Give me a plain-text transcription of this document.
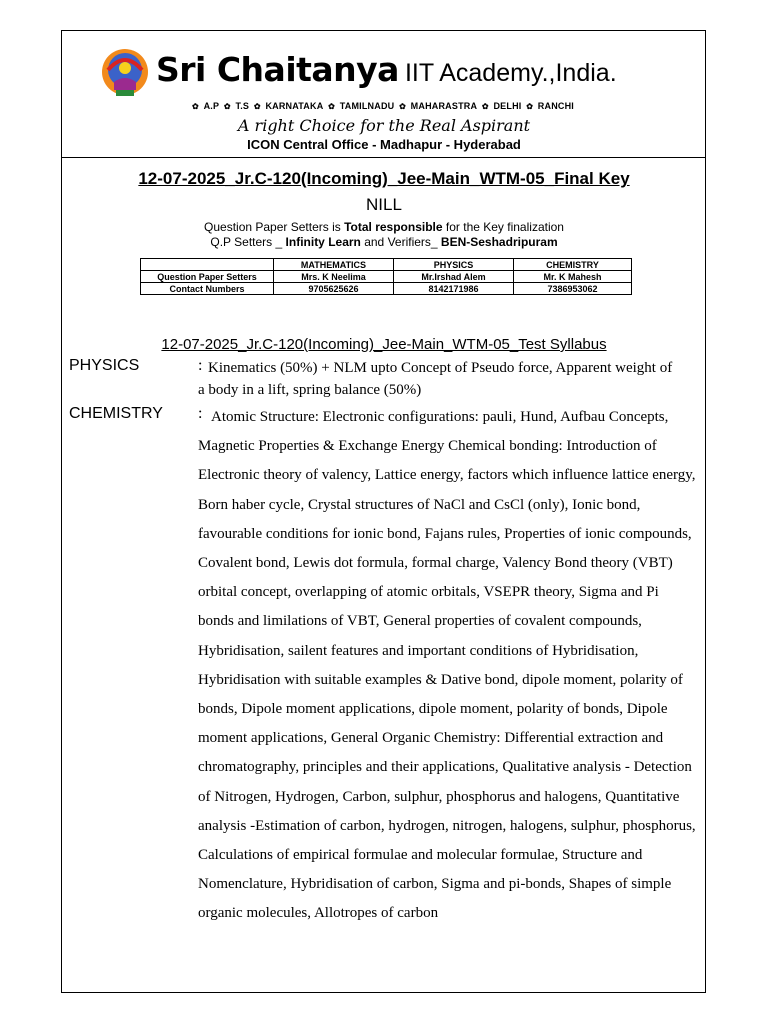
Sri Chaitanya IIT Academy.,India.
✿ A.P ✿ T.S ✿ KARNATAKA ✿ TAMILNADU ✿ MAHARASTRA ✿ DELHI ✿ RANCHI
A right Choice for the Real Aspirant
ICON Central Office - Madhapur - Hyderabad
12-07-2025_Jr.C-120(Incoming)_Jee-Main_WTM-05_Final Key
NILL
Question Paper Setters is Total responsible for the Key finalization
Q.P Setters _ Infinity Learn and Verifiers_ BEN-Seshadripuram
	MATHEMATICS	PHYSICS	CHEMISTRY
Question Paper Setters	Mrs. K Neelima	Mr.Irshad Alem	Mr. K Mahesh
Contact Numbers	9705625626	8142171986	7386953062
12-07-2025_Jr.C-120(Incoming)_Jee-Main_WTM-05_Test Syllabus
PHYSICS	: Kinematics (50%) + NLM upto Concept of Pseudo force, Apparent weight of a body in a lift, spring balance (50%)
CHEMISTRY : Atomic Structure: Electronic configurations: pauli, Hund, Aufbau Concepts, Magnetic Properties & Exchange Energy Chemical bonding: Introduction of Electronic theory of valency, Lattice energy, factors which influence lattice energy, Born haber cycle, Crystal structures of NaCl and CsCl (only), Ionic bond, favourable conditions for ionic bond, Fajans rules, Properties of ionic compounds, Covalent bond, Lewis dot formula, formal charge, Valency Bond theory (VBT) orbital concept, overlapping of atomic orbitals, VSEPR theory, Sigma and Pi bonds and limilations of VBT, General properties of covalent compounds, Hybridisation, sailent features and important conditions of Hybridisation, Hybridisation with suitable examples & Dative bond, dipole moment, polarity of bonds, Dipole moment applications, dipole moment, polarity of bonds, Dipole moment applications, General Organic Chemistry: Differential extraction and chromatography, principles and their applications, Qualitative analysis - Detection of Nitrogen, Hydrogen, Carbon, sulphur, phosphorus and halogens, Quantitative analysis -Estimation of carbon, hydrogen, nitrogen, halogens, sulphur, phosphorus, Calculations of empirical formulae and molecular formulae, Structure and Nomenclature, Hybridisation of carbon, Sigma and pi-bonds, Shapes of simple organic molecules, Allotropes of carbon
